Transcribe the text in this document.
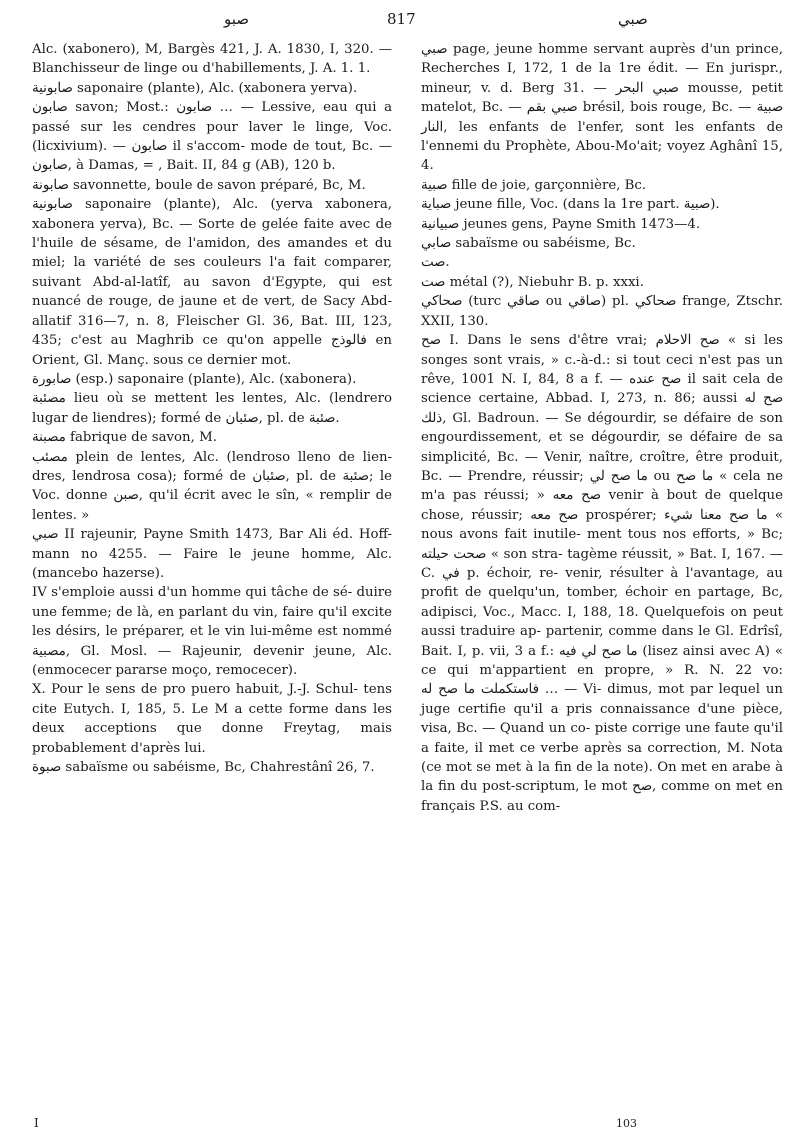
ﺻﺒﻮ	817	ﺻﺒﻲ

Alc. (xabonero), M, Bargès 421, J. A. 1830, I, 320. — Blanchisseur de linge ou d'habillements, J. A. 1. 1.

ﺻﺎﺑﻮﻧﻴﺔ saponaire (plante), Alc. (xabonera yerva).

ﺻﺎﺑﻮن savon; Most.: ﺻﺎﺑﻮن … — Lessive, eau qui a passé sur les cendres pour laver le linge, Voc. (licxivium). — ﺻﺎﺑﻮن il s'accom- mode de tout, Bc. — ﺻﺎﺑﻮن, à Damas, = , Bait. II, 84 g (AB), 120 b.

ﺻﺎﺑﻮﻧﺔ savonnette, boule de savon préparé, Bc, M.

ﺻﺎﺑﻮﻧﻴﺔ saponaire (plante), Alc. (yerva xabonera, xabonera yerva), Bc. — Sorte de gelée faite avec de l'huile de sésame, de l'amidon, des amandes et du miel; la variété de ses couleurs l'a fait comparer, suivant Abd-al-latîf, au savon d'Egypte, qui est nuancé de rouge, de jaune et de vert, de Sacy Abd-allatif 316—7, n. 8, Fleischer Gl. 36, Bat. III, 123, 435; c'est au Maghrib ce qu'on appelle ﻓﺎﻟﻮذج en Orient, Gl. Manç. sous ce dernier mot.

ﺻﺎﺑﻮرة (esp.) saponaire (plante), Alc. (xabonera).

ﻣﺼﺌﺒﺔ lieu où se mettent les lentes, Alc. (lendrero lugar de liendres); formé de ﺻﺌﺒﺎن, pl. de ﺻﺌﺒﺔ.

ﻣﺼﺒﻨﺔ fabrique de savon, M.

ﻣﺼﺌﺐ plein de lentes, Alc. (lendroso lleno de lien- dres, lendrosa cosa); formé de ﺻﺌﺒﺎن, pl. de ﺻﺌﺒﺔ; le Voc. donne ﺻﺒﻦ, qu'il écrit avec le sîn, « remplir de lentes. »

ﺻﺒﻲ II rajeunir, Payne Smith 1473, Bar Ali éd. Hoff- mann no 4255. — Faire le jeune homme, Alc. (mancebo hazerse).

IV s'emploie aussi d'un homme qui tâche de sé- duire une femme; de là, en parlant du vin, faire qu'il excite les désirs, le préparer, et le vin lui-même est nommé ﻣﺼﺒﻴﺔ, Gl. Mosl. — Rajeunir, devenir jeune, Alc. (enmocecer pararse moço, remocecer).

X. Pour le sens de pro puero habuit, J.-J. Schul- tens cite Eutych. I, 185, 5. Le M a cette forme dans les deux acceptions que donne Freytag, mais probablement d'après lui.

ﺻﺒﻮة sabaïsme ou sabéisme, Bc, Chahrestânî 26, 7.

ﺻﺒﻲ page, jeune homme servant auprès d'un prince, Recherches I, 172, 1 de la 1re édit. — En jurispr., mineur, v. d. Berg 31. — ﺻﺒﻲ اﻟﺒﺤﺮ mousse, petit matelot, Bc. — ﺻﺒﻲ ﺑﻘﻢ brésil, bois rouge, Bc. — ﺻﺒﻴﺔ اﻟﻨﺎر, les enfants de l'enfer, sont les enfants de l'ennemi du Prophète, Abou-Mo'ait; voyez Aghânî 15, 4.

ﺻﺒﻴﺔ fille de joie, garçonnière, Bc.

ﺻﺒﺎﻳﺔ jeune fille, Voc. (dans la 1re part. ﺻﺒﻴﺔ).

ﺻﺒﻴﺎﻧﻴﺔ jeunes gens, Payne Smith 1473—4.

ﺻﺎﺑﻲ sabaïsme ou sabéisme, Bc.

ﺻﺖ.

ﺻﺖ métal (?), Niebuhr B. p. xxxi.

ﺻﺤﺎﻛﻲ (turc ﺻﺎﻗﻲ ou ﺻﺎﻗﻲ) pl. ﺻﺤﺎﻛﻲ frange, Ztschr. XXII, 130.

ﺻﺢ I. Dans le sens d'être vrai; ﺻﺢ اﻻﺣﻼم « si les songes sont vrais, » c.-à-d.: si tout ceci n'est pas un rêve, 1001 N. I, 84, 8 a f. — ﺻﺢ ﻋﻨﺪه il sait cela de science certaine, Abbad. I, 273, n. 86; aussi ﺻﺢ ﻟﻪ ذﻟﻚ, Gl. Badroun. — Se dégourdir, se défaire de son engourdissement, et se dégourdir, se défaire de sa simplicité, Bc. — Venir, naître, croître, être produit, Bc. — Prendre, réussir; ﻣﺎ ﺻﺢ ﻟﻲ ou ﻣﺎ ﺻﺢ « cela ne m'a pas réussi; » ﺻﺢ ﻣﻌﻪ venir à bout de quelque chose, réussir; ﺻﺢ ﻣﻌﻪ prospérer; ﻣﺎ ﺻﺢ ﻣﻌﻨﺎ ﺷﻲء « nous avons fait inutile- ment tous nos efforts, » Bc; ﺻﺤﺖ ﺣﻴﻠﺘﻪ « son stra- tagème réussit, » Bat. I, 167. — C. ﻓﻲ p. échoir, re- venir, résulter à l'avantage, au profit de quelqu'un, tomber, échoir en partage, Bc, adipisci, Voc., Macc. I, 188, 18. Quelquefois on peut aussi traduire ap- partenir, comme dans le Gl. Edrîsî, Bait. I, p. vii, 3 a f.: ﻣﺎ ﺻﺢ ﻟﻲ ﻓﻴﻪ (lisez ainsi avec A) « ce qui m'appartient en propre, » R. N. 22 vo: ﻓﺎﺳﺘﻜﻤﻠﺖ ﻣﺎ ﺻﺢ ﻟﻪ … — Vi- dimus, mot par lequel un juge certifie qu'il a pris connaissance d'une pièce, visa, Bc. — Quand un co- piste corrige une faute qu'il a faite, il met ce verbe après sa correction, M. Nota (ce mot se met à la fin de la note). On met en arabe à la fin du post-scriptum, le mot ﺻﺢ, comme on met en français P.S. au com-

I	103
